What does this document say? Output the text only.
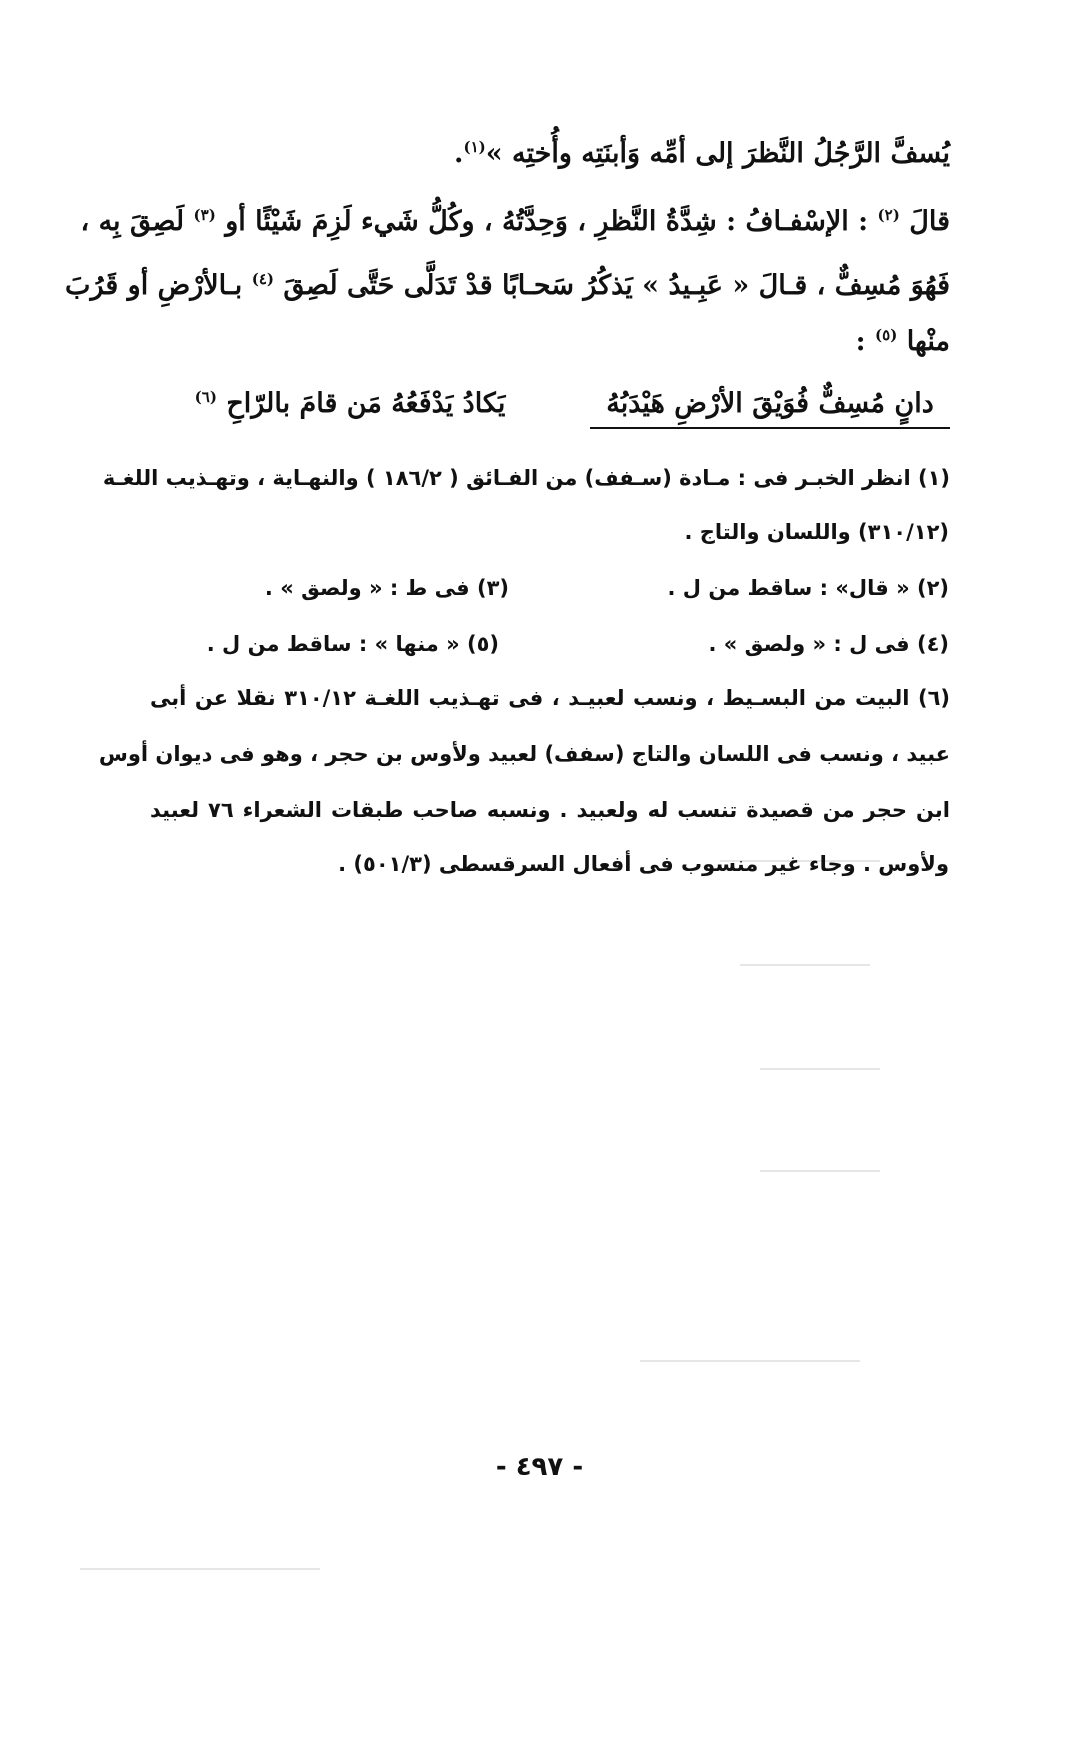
يُسفَّ الرَّجُلُ النَّظرَ إلى أمِّه وَأبنَتِه وأُختِه »$^{(١)}$.
قالَ $^{(٢)}$ : الإسْفـافُ : شِدَّةُ النَّظرِ ، وَحِدَّتُهُ ، وكُلُّ شَيء لَزِمَ شَيْئًا أو $^{(٣)}$ لَصِقَ بِه ،
فَهُوَ مُسِفٌّ ، قـالَ « عَبِـيدُ » يَذكُرُ سَحـابًا قدْ تَدَلَّى حَتَّى لَصِقَ $^{(٤)}$ بـالأرْضِ أو قَرُبَ
منْها $^{(٥)}$ :
دانٍ مُسِفٌّ فُوَيْقَ الأرْضِ هَيْدَبُهُ
يَكادُ يَدْفَعُهُ مَن قامَ بالرّاحِ $^{(٦)}$
(١) انظر الخبـر فى : مـادة (سـفف) من الفـائق ( ١٨٦/٢ ) والنهـاية ، وتهـذيب اللغـة
(٣١٠/١٢) واللسان والتاج .
(٢) « قال» : ساقط من ل .
(٣) فى ط : « ولصق » .
(٤) فى ل : « ولصق » .
(٥) « منها » : ساقط من ل .
(٦) البيت من البسـيط ، ونسب لعبيـد ، فى تهـذيب اللغـة ٣١٠/١٢ نقلا عن أبى
عبيد ، ونسب فى اللسان والتاج (سفف) لعبيد ولأوس بن حجر ، وهو فى ديوان أوس
ابن حجر من قصيدة تنسب له ولعبيد . ونسبه صاحب طبقات الشعراء ٧٦ لعبيد
ولأوس . وجاء غير منسوب فى أفعال السرقسطى (٥٠١/٣) .
- ٤٩٧ -
